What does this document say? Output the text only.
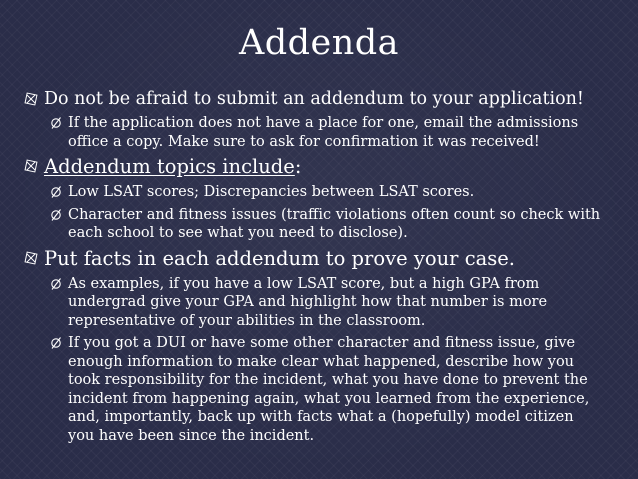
Addenda
Do not be afraid to submit an addendum to your application!
If the application does not have a place for one, email the admissions office a copy. Make sure to ask for confirmation it was received!
Addendum topics include:
Low LSAT scores; Discrepancies between LSAT scores.
Character and fitness issues (traffic violations often count so check with each school to see what you need to disclose).
Put facts in each addendum to prove your case.
As examples, if you have a low LSAT score, but a high GPA from undergrad give your GPA and highlight how that number is more representative of your abilities in the classroom.
If you got a DUI or have some other character and fitness issue, give enough information to make clear what happened, describe how you took responsibility for the incident, what you have done to prevent the incident from happening again, what you learned from the experience, and, importantly, back up with facts what a (hopefully) model citizen you have been since the incident.
